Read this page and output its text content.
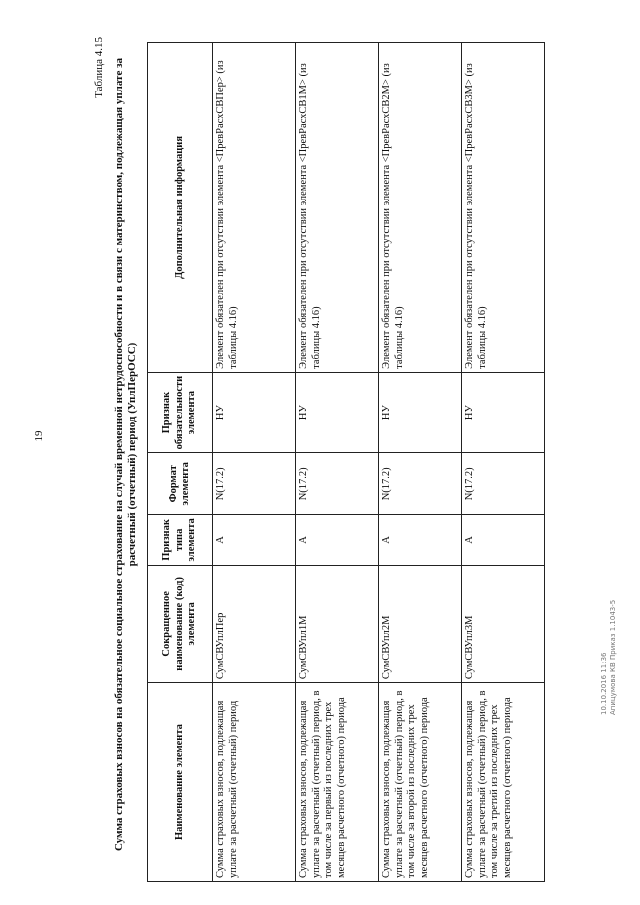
19
Таблица 4.15 Сумма страховых взносов на обязательное социальное страхование на случай временной нетрудоспособности и в связи с материнством, подлежащая уплате за расчетный (отчетный) период (УплПерОСС)
Наименование элемента	Сокращенное наименование (код) элемента	Признак типа элемента	Формат элемента	Признак обязательности элемента	Дополнительная информация
Сумма страховых взносов, подлежащая уплате за расчетный (отчетный) период	СумСВУплПер	А	N(17.2)	НУ	Элемент обязателен при отсутствии элемента <ПревРасхСВПер> (из таблицы 4.16)
Сумма страховых взносов, подлежащая уплате за расчетный (отчетный) период, в том числе за первый из последних трех месяцев расчетного (отчетного) периода	СумСВУпл1М	А	N(17.2)	НУ	Элемент обязателен при отсутствии элемента <ПревРасхСВ1М> (из таблицы 4.16)
Сумма страховых взносов, подлежащая уплате за расчетный (отчетный) период, в том числе за второй из последних трех месяцев расчетного (отчетного) периода	СумСВУпл2М	А	N(17.2)	НУ	Элемент обязателен при отсутствии элемента <ПревРасхСВ2М> (из таблицы 4.16)
Сумма страховых взносов, подлежащая уплате за расчетный (отчетный) период, в том числе за третий из последних трех месяцев расчетного (отчетного) периода	СумСВУпл3М	А	N(17.2)	НУ	Элемент обязателен при отсутствии элемента <ПревРасхСВ3М> (из таблицы 4.16)
10.10.2016 11:36 Апицумова КВ Приказ 1.1043-5
